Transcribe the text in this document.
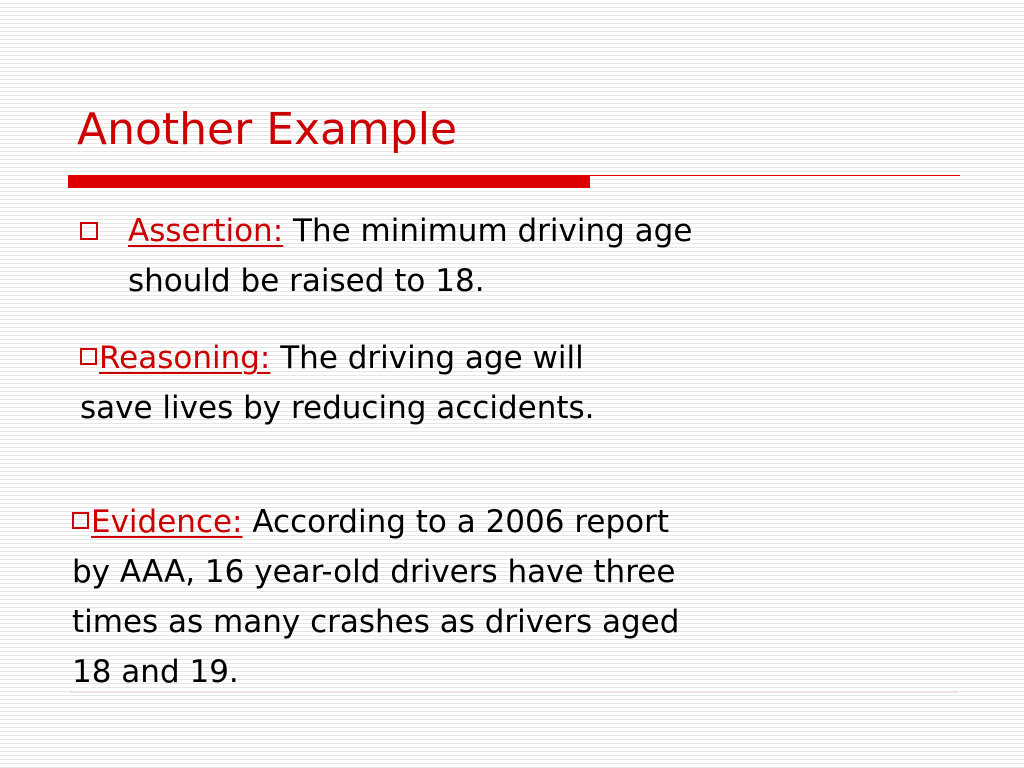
Another Example
Assertion: The minimum driving age
should be raised to 18.
Reasoning: The driving age will
save lives by reducing accidents.
Evidence: According to a 2006 report
by AAA, 16 year-old drivers have three
times as many crashes as drivers aged
18 and 19.
